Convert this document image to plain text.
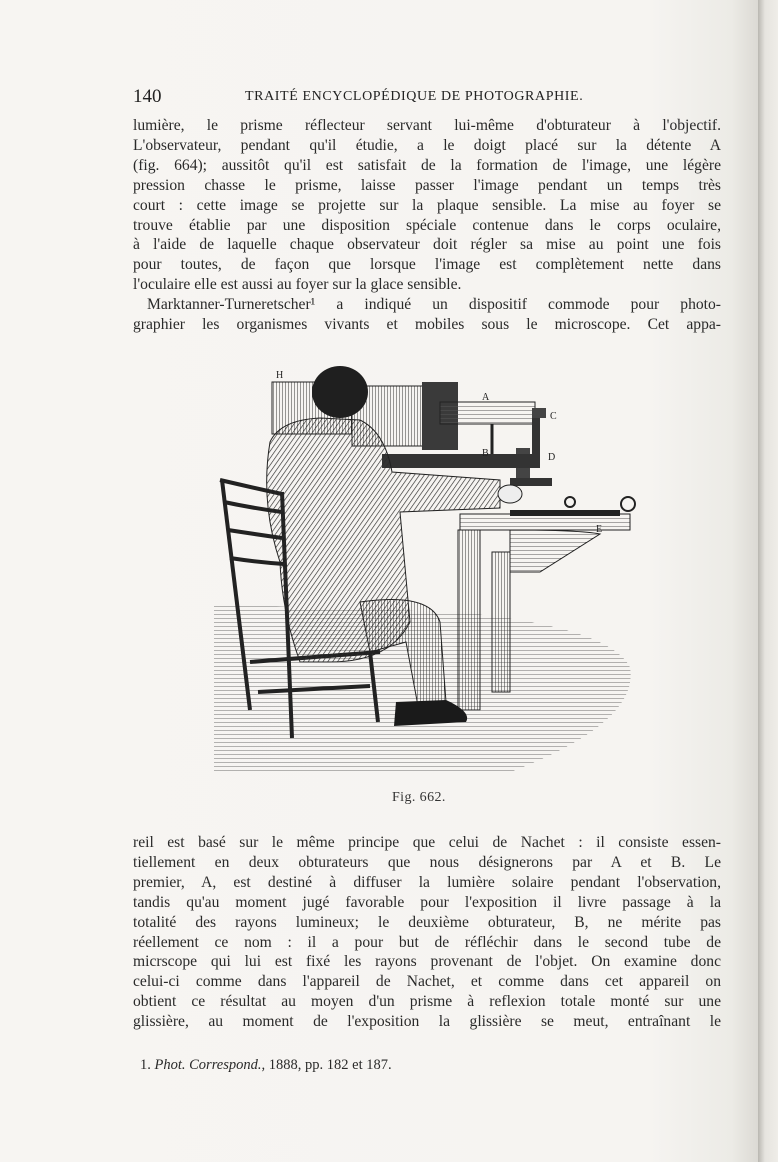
140	TRAITÉ ENCYCLOPÉDIQUE DE PHOTOGRAPHIE.

lumière, le prisme réflecteur servant lui-même d'obturateur à l'objectif.
L'observateur, pendant qu'il étudie, a le doigt placé sur la détente A
(fig. 664); aussitôt qu'il est satisfait de la formation de l'image, une légère
pression chasse le prisme, laisse passer l'image pendant un temps très
court : cette image se projette sur la plaque sensible. La mise au foyer se
trouve établie par une disposition spéciale contenue dans le corps oculaire,
à l'aide de laquelle chaque observateur doit régler sa mise au point une fois
pour toutes, de façon que lorsque l'image est complètement nette dans
l'oculaire elle est aussi au foyer sur la glace sensible.

Marktanner-Turneretscher¹ a indiqué un dispositif commode pour photo-

graphier les organismes vivants et mobiles sous le microscope. Cet appa-

H
A
C
B	D
E
Fig. 662.

reil est basé sur le même principe que celui de Nachet : il consiste essen-
tiellement en deux obturateurs que nous désignerons par A et B. Le
premier, A, est destiné à diffuser la lumière solaire pendant l'observation,
tandis qu'au moment jugé favorable pour l'exposition il livre passage à la
totalité des rayons lumineux; le deuxième obturateur, B, ne mérite pas
réellement ce nom : il a pour but de réfléchir dans le second tube de
micrscope qui lui est fixé les rayons provenant de l'objet. On examine donc
celui-ci comme dans l'appareil de Nachet, et comme dans cet appareil on
obtient ce résultat au moyen d'un prisme à reflexion totale monté sur une
glissière, au moment de l'exposition la glissière se meut, entraînant le

1. Phot. Correspond., 1888, pp. 182 et 187.
